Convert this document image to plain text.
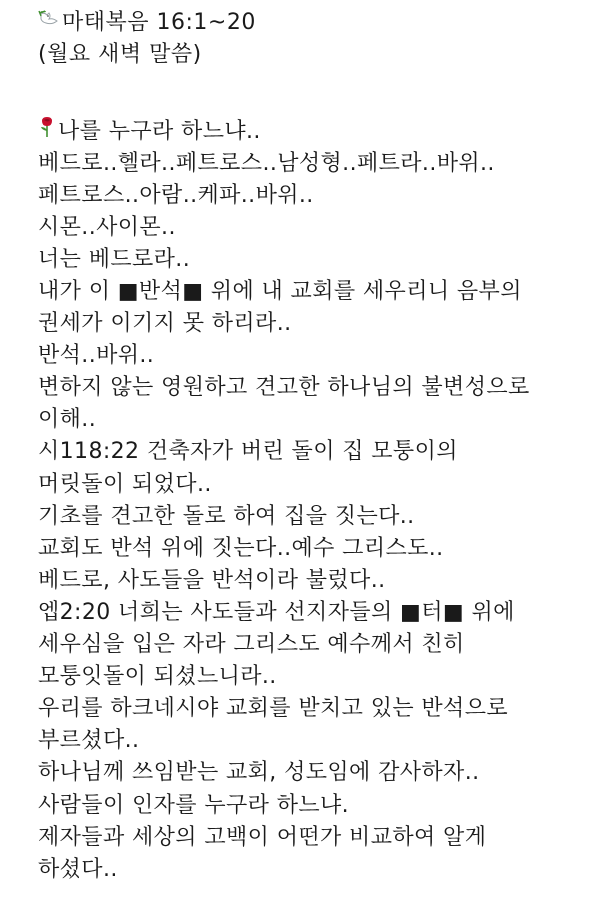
마태복음 16:1~20
(월요 새벽 말씀)
나를 누구라 하느냐..
베드로..헬라..페트로스..남성형..페트라..바위..
페트로스..아람..케파..바위..
시몬..사이몬..
너는 베드로라..
내가 이 ■반석■ 위에 내 교회를 세우리니 음부의
권세가 이기지 못 하리라..
반석..바위..
변하지 않는 영원하고 견고한 하나님의 불변성으로
이해..
시118:22 건축자가 버린 돌이 집 모퉁이의
머릿돌이 되었다..
기초를 견고한 돌로 하여 집을 짓는다..
교회도 반석 위에 짓는다..예수 그리스도..
베드로, 사도들을 반석이라 불렀다..
엡2:20 너희는 사도들과 선지자들의 ■터■ 위에
세우심을 입은 자라 그리스도 예수께서 친히
모퉁잇돌이 되셨느니라..
우리를 하크네시야 교회를 받치고 있는 반석으로
부르셨다..
하나님께 쓰임받는 교회, 성도임에 감사하자..
사람들이 인자를 누구라 하느냐.
제자들과 세상의 고백이 어떤가 비교하여 알게
하셨다..
